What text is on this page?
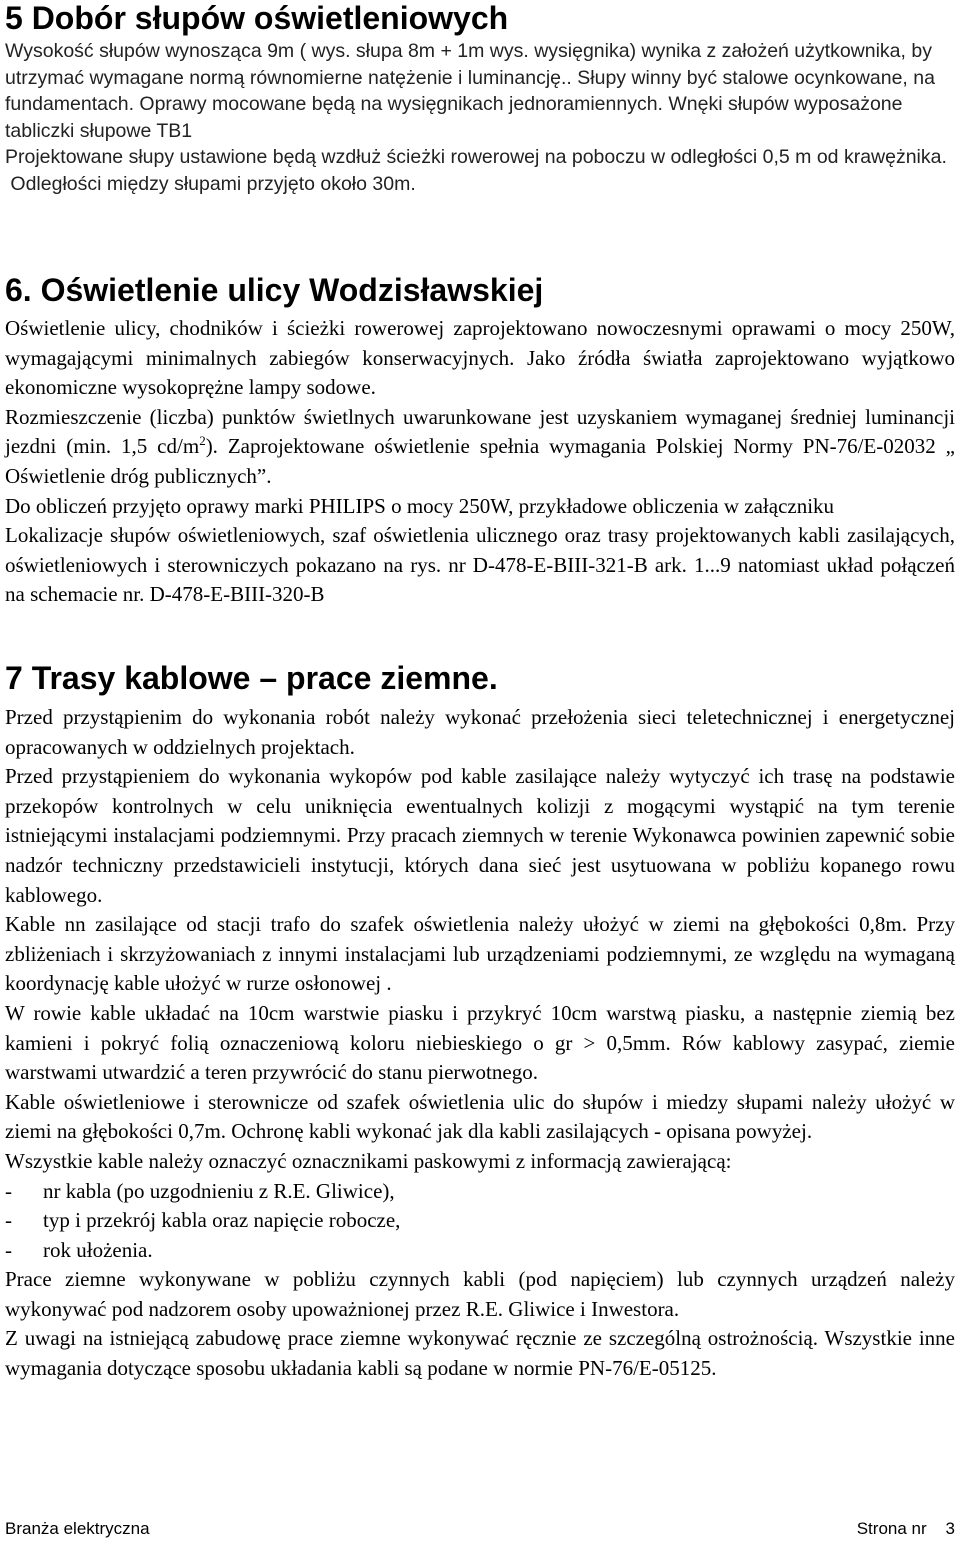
5 Dobór słupów oświetleniowych

Wysokość słupów wynosząca 9m ( wys. słupa 8m + 1m wys. wysięgnika) wynika z założeń użytkownika, by utrzymać wymagane normą równomierne natężenie i luminancję.. Słupy winny być stalowe ocynkowane, na fundamentach. Oprawy mocowane będą na wysięgnikach jednoramiennych. Wnęki słupów wyposażone tabliczki słupowe TB1

Projektowane słupy ustawione będą wzdłuż ścieżki rowerowej na poboczu w odległości 0,5 m od krawężnika.

Odległości między słupami przyjęto około 30m.

6. Oświetlenie ulicy Wodzisławskiej

Oświetlenie ulicy, chodników i ścieżki rowerowej zaprojektowano nowoczesnymi oprawami o mocy 250W, wymagającymi minimalnych zabiegów konserwacyjnych. Jako źródła światła zaprojektowano wyjątkowo ekonomiczne wysokoprężne lampy sodowe.

Rozmieszczenie (liczba) punktów świetlnych uwarunkowane jest uzyskaniem wymaganej średniej luminancji jezdni (min. 1,5 $cd/m^2$). Zaprojektowane oświetlenie spełnia wymagania Polskiej Normy PN-76/E-02032 „ Oświetlenie dróg publicznych”.

Do obliczeń przyjęto oprawy marki PHILIPS o mocy 250W, przykładowe obliczenia w załączniku

Lokalizacje słupów oświetleniowych, szaf oświetlenia ulicznego oraz trasy projektowanych kabli zasilających, oświetleniowych i sterowniczych pokazano na rys. nr D-478-E-BIII-321-B ark. 1...9 natomiast układ połączeń na schemacie nr. D-478-E-BIII-320-B

7 Trasy kablowe – prace ziemne.

Przed przystąpienim do wykonania robót należy wykonać przełożenia sieci teletechnicznej i energetycznej opracowanych w oddzielnych projektach.

Przed przystąpieniem do wykonania wykopów pod kable zasilające należy wytyczyć ich trasę na podstawie przekopów kontrolnych w celu uniknięcia ewentualnych kolizji z mogącymi wystąpić na tym terenie istniejącymi instalacjami podziemnymi. Przy pracach ziemnych w terenie Wykonawca powinien zapewnić sobie nadzór techniczny przedstawicieli instytucji, których dana sieć jest usytuowana w pobliżu kopanego rowu kablowego.

Kable nn zasilające od stacji trafo do szafek oświetlenia należy ułożyć w ziemi na głębokości 0,8m. Przy zbliżeniach i skrzyżowaniach z innymi instalacjami lub urządzeniami podziemnymi, ze względu na wymaganą koordynację kable ułożyć w rurze osłonowej .

W rowie kable układać na 10cm warstwie piasku i przykryć 10cm warstwą piasku, a następnie ziemią bez kamieni i pokryć folią oznaczeniową koloru niebieskiego o gr > 0,5mm. Rów kablowy zasypać, ziemie warstwami utwardzić a teren przywrócić do stanu pierwotnego.

Kable oświetleniowe i sterownicze od szafek oświetlenia ulic do słupów i miedzy słupami należy ułożyć w ziemi na głębokości 0,7m. Ochronę kabli wykonać jak dla kabli zasilających - opisana powyżej.

Wszystkie kable należy oznaczyć oznacznikami paskowymi z informacją zawierającą:

-	nr kabla (po uzgodnieniu z R.E. Gliwice),
-	typ i przekrój kabla oraz napięcie robocze,
-	rok ułożenia.

Prace ziemne wykonywane w pobliżu czynnych kabli (pod napięciem) lub czynnych urządzeń należy wykonywać pod nadzorem osoby upoważnionej przez R.E. Gliwice i Inwestora.

Z uwagi na istniejącą zabudowę prace ziemne wykonywać ręcznie ze szczególną ostrożnością. Wszystkie inne wymagania dotyczące sposobu układania kabli są podane w normie PN-76/E-05125.

Branża elektryczna	Strona nr    3
